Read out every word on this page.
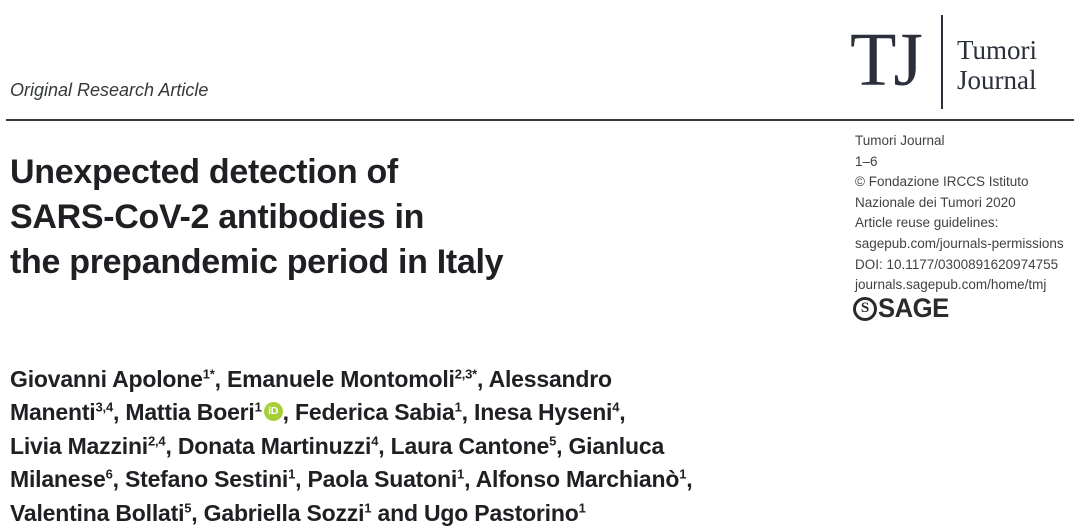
Original Research Article	TJ Tumori
Journal
Unexpected detection of
SARS-CoV-2 antibodies in
the prepandemic period in Italy
Tumori Journal
1–6
© Fondazione IRCCS Istituto
Nazionale dei Tumori 2020
Article reuse guidelines:
sagepub.com/journals-permissions
DOI: 10.1177/0300891620974755
journals.sagepub.com/home/tmj
S SAGE
Giovanni Apolone$^{1*}$, Emanuele Montomoli$^{2,3*}$, Alessandro
Manenti$^{3,4}$, Mattia Boeri$^1$ iD , Federica Sabia$^1$, Inesa Hyseni$^4$,
Livia Mazzini$^{2,4}$, Donata Martinuzzi$^4$, Laura Cantone$^5$, Gianluca
Milanese$^6$, Stefano Sestini$^1$, Paola Suatoni$^1$, Alfonso Marchianò$^1$,
Valentina Bollati$^5$, Gabriella Sozzi$^1$ and Ugo Pastorino$^1$
